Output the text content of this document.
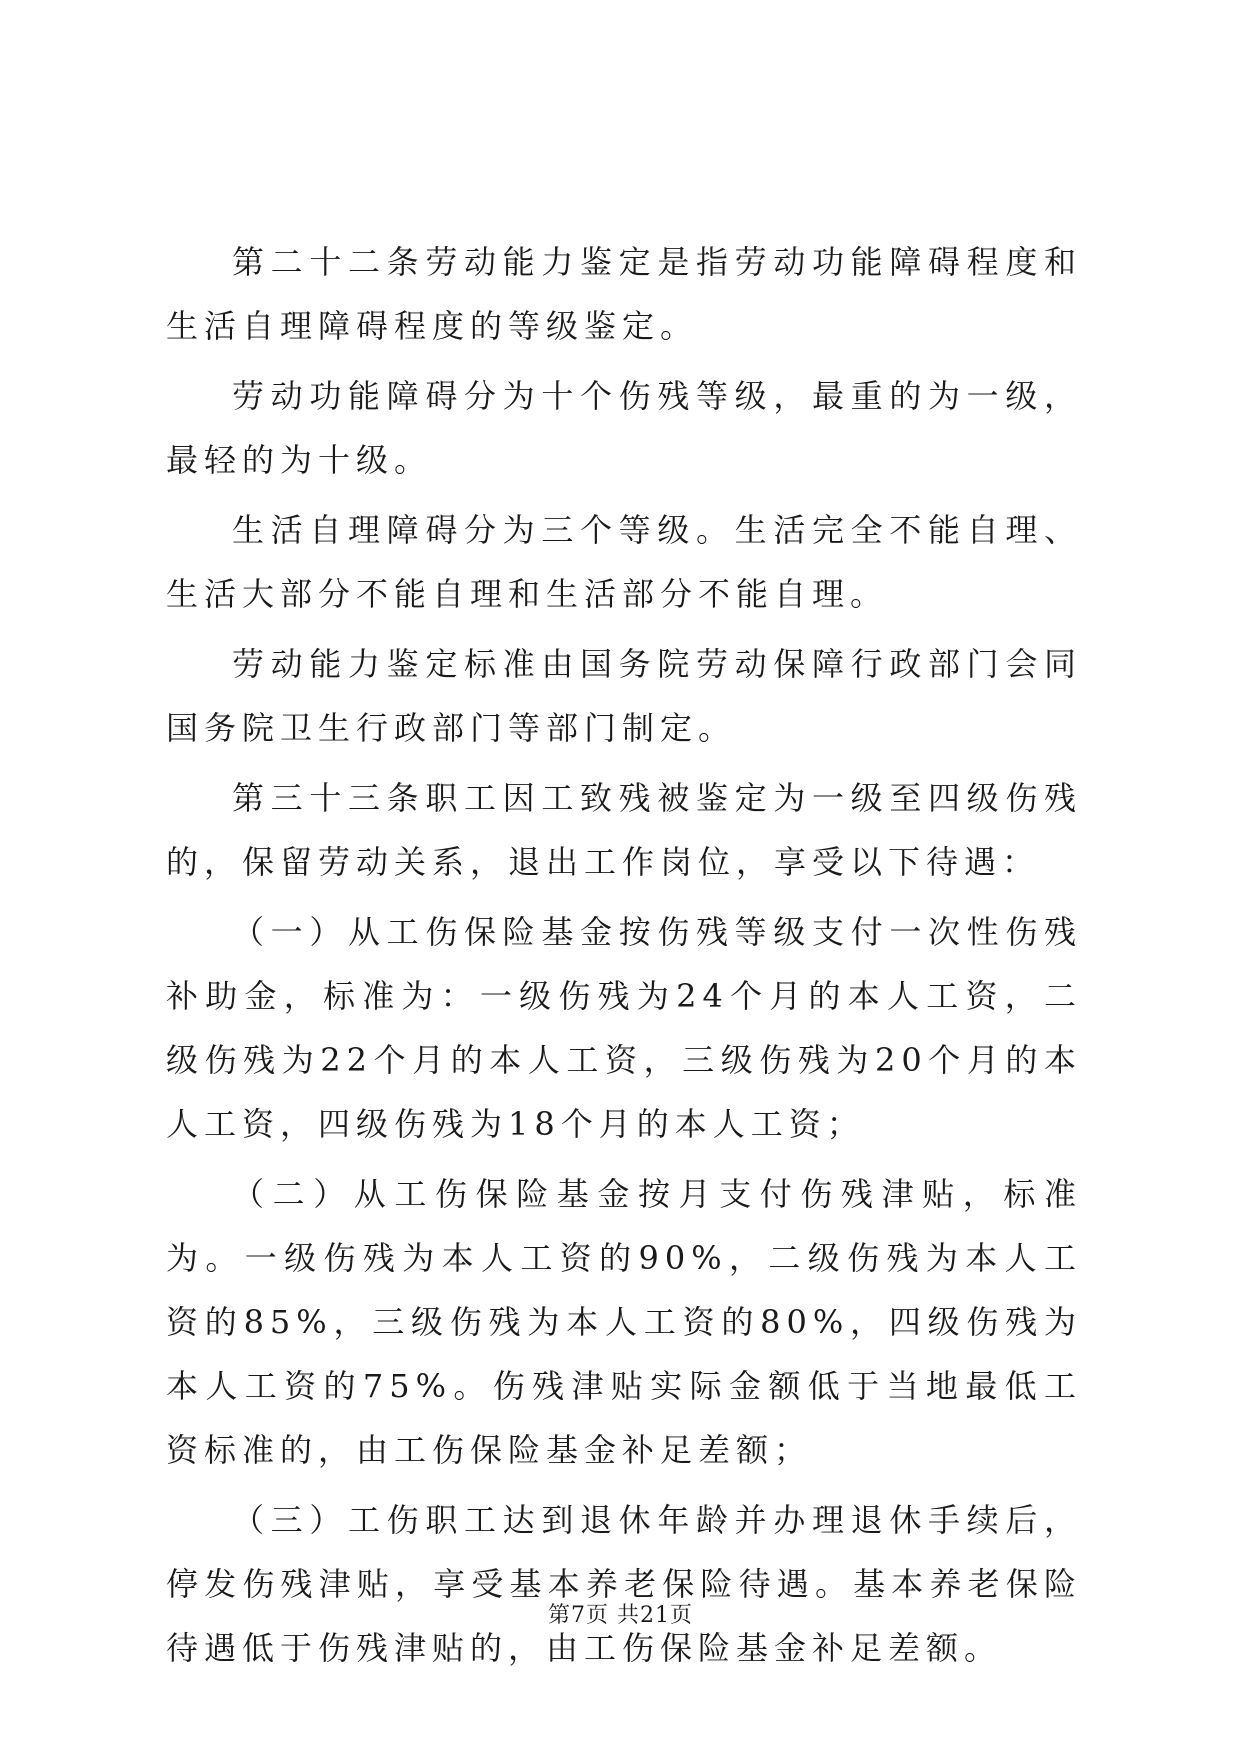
第二十二条劳动能力鉴定是指劳动功能障碍程度和生活自理障碍程度的等级鉴定。

劳动功能障碍分为十个伤残等级，最重的为一级，最轻的为十级。

生活自理障碍分为三个等级。生活完全不能自理、生活大部分不能自理和生活部分不能自理。

劳动能力鉴定标准由国务院劳动保障行政部门会同国务院卫生行政部门等部门制定。

第三十三条职工因工致残被鉴定为一级至四级伤残的，保留劳动关系，退出工作岗位，享受以下待遇：

（一）从工伤保险基金按伤残等级支付一次性伤残补助金，标准为：一级伤残为24个月的本人工资，二级伤残为22个月的本人工资，三级伤残为20个月的本人工资，四级伤残为18个月的本人工资；

（二）从工伤保险基金按月支付伤残津贴，标准为。一级伤残为本人工资的90%，二级伤残为本人工资的85%，三级伤残为本人工资的80%，四级伤残为本人工资的75%。伤残津贴实际金额低于当地最低工资标准的，由工伤保险基金补足差额；

（三）工伤职工达到退休年龄并办理退休手续后，停发伤残津贴，享受基本养老保险待遇。基本养老保险待遇低于伤残津贴的，由工伤保险基金补足差额。

第7页 共21页
